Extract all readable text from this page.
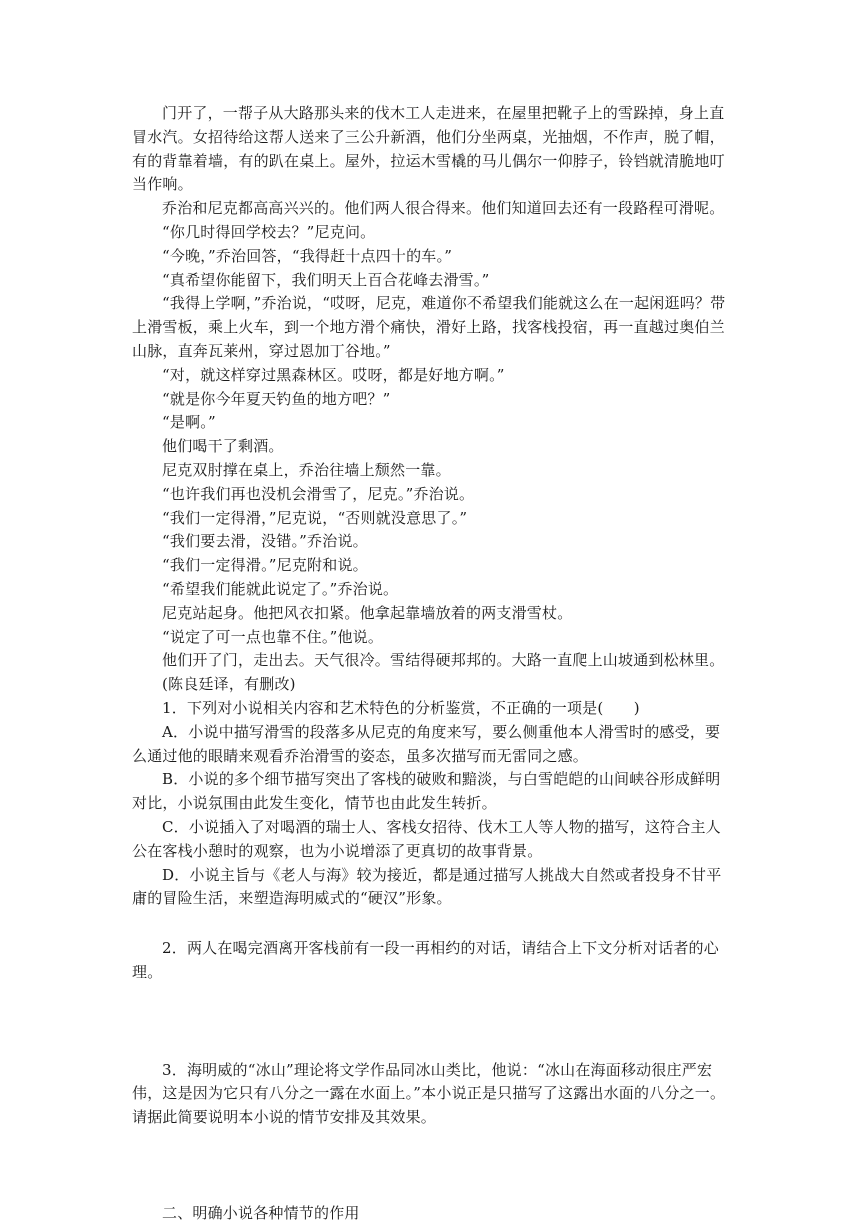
门开了，一帮子从大路那头来的伐木工人走进来，在屋里把靴子上的雪跺掉，身上直冒水汽。女招待给这帮人送来了三公升新酒，他们分坐两桌，光抽烟，不作声，脱了帽，有的背靠着墙，有的趴在桌上。屋外，拉运木雪橇的马儿偶尔一仰脖子，铃铛就清脆地叮当作响。

乔治和尼克都高高兴兴的。他们两人很合得来。他们知道回去还有一段路程可滑呢。

“你几时得回学校去？”尼克问。

“今晚，”乔治回答，“我得赶十点四十的车。”

“真希望你能留下，我们明天上百合花峰去滑雪。”

“我得上学啊，”乔治说，“哎呀，尼克，难道你不希望我们能就这么在一起闲逛吗？带上滑雪板，乘上火车，到一个地方滑个痛快，滑好上路，找客栈投宿，再一直越过奥伯兰山脉，直奔瓦莱州，穿过恩加丁谷地。”

“对，就这样穿过黑森林区。哎呀，都是好地方啊。”

“就是你今年夏天钓鱼的地方吧？”

“是啊。”

他们喝干了剩酒。

尼克双肘撑在桌上，乔治往墙上颓然一靠。

“也许我们再也没机会滑雪了，尼克。”乔治说。

“我们一定得滑，”尼克说，“否则就没意思了。”

“我们要去滑，没错。”乔治说。

“我们一定得滑。”尼克附和说。

“希望我们能就此说定了。”乔治说。

尼克站起身。他把风衣扣紧。他拿起靠墙放着的两支滑雪杖。

“说定了可一点也靠不住。”他说。

他们开了门，走出去。天气很冷。雪结得硬邦邦的。大路一直爬上山坡通到松林里。

(陈良廷译，有删改)

1．下列对小说相关内容和艺术特色的分析鉴赏，不正确的一项是(　　)

A．小说中描写滑雪的段落多从尼克的角度来写，要么侧重他本人滑雪时的感受，要么通过他的眼睛来观看乔治滑雪的姿态，虽多次描写而无雷同之感。

B．小说的多个细节描写突出了客栈的破败和黯淡，与白雪皑皑的山间峡谷形成鲜明对比，小说氛围由此发生变化，情节也由此发生转折。

C．小说插入了对喝酒的瑞士人、客栈女招待、伐木工人等人物的描写，这符合主人公在客栈小憩时的观察，也为小说增添了更真切的故事背景。

D．小说主旨与《老人与海》较为接近，都是通过描写人挑战大自然或者投身不甘平庸的冒险生活，来塑造海明威式的“硬汉”形象。

2．两人在喝完酒离开客栈前有一段一再相约的对话，请结合上下文分析对话者的心理。

3．海明威的“冰山”理论将文学作品同冰山类比，他说：“冰山在海面移动很庄严宏伟，这是因为它只有八分之一露在水面上。”本小说正是只描写了这露出水面的八分之一。请据此简要说明本小说的情节安排及其效果。

二、明确小说各种情节的作用
